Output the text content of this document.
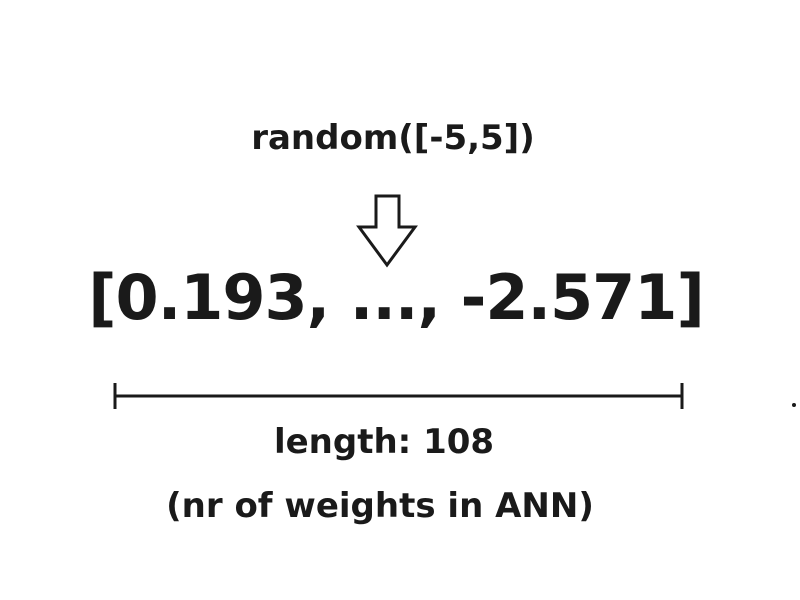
random([-5,5])
[0.193, ..., -2.571]
length: 108
(nr of weights in ANN)
